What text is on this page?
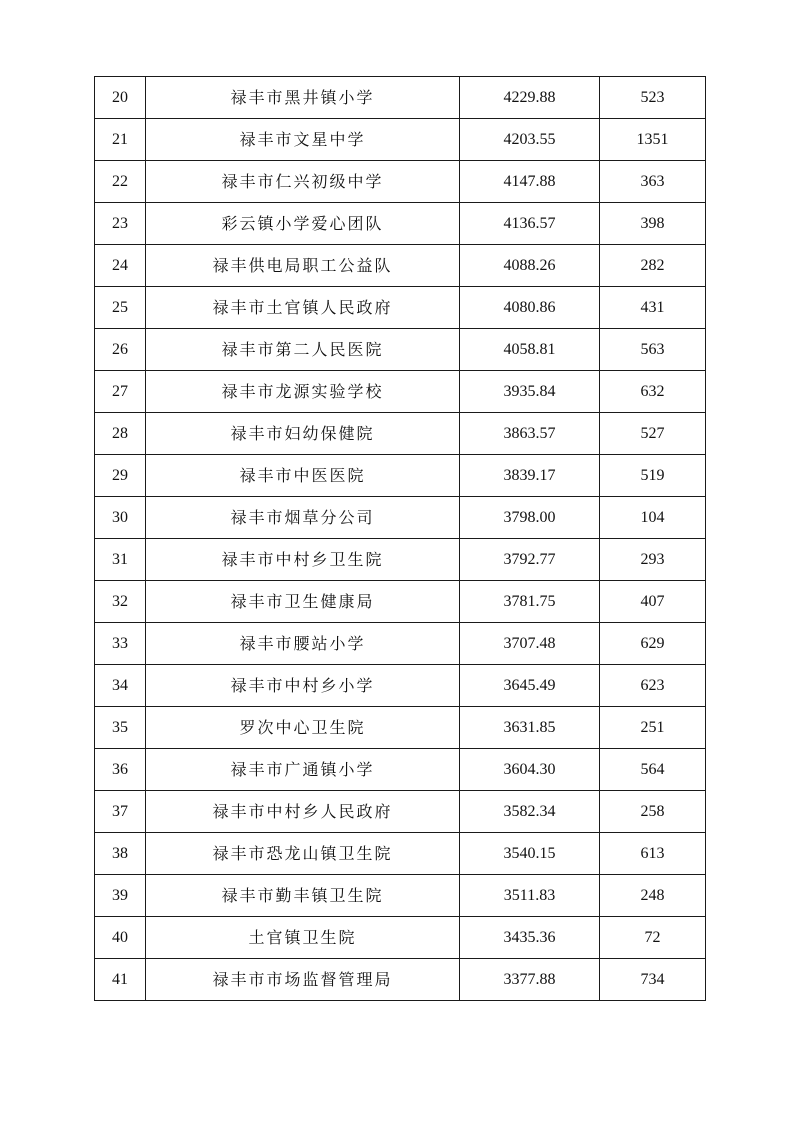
20	禄丰市黑井镇小学	4229.88	523
21	禄丰市文星中学	4203.55	1351
22	禄丰市仁兴初级中学	4147.88	363
23	彩云镇小学爱心团队	4136.57	398
24	禄丰供电局职工公益队	4088.26	282
25	禄丰市土官镇人民政府	4080.86	431
26	禄丰市第二人民医院	4058.81	563
27	禄丰市龙源实验学校	3935.84	632
28	禄丰市妇幼保健院	3863.57	527
29	禄丰市中医医院	3839.17	519
30	禄丰市烟草分公司	3798.00	104
31	禄丰市中村乡卫生院	3792.77	293
32	禄丰市卫生健康局	3781.75	407
33	禄丰市腰站小学	3707.48	629
34	禄丰市中村乡小学	3645.49	623
35	罗次中心卫生院	3631.85	251
36	禄丰市广通镇小学	3604.30	564
37	禄丰市中村乡人民政府	3582.34	258
38	禄丰市恐龙山镇卫生院	3540.15	613
39	禄丰市勤丰镇卫生院	3511.83	248
40	土官镇卫生院	3435.36	72
41	禄丰市市场监督管理局	3377.88	734
